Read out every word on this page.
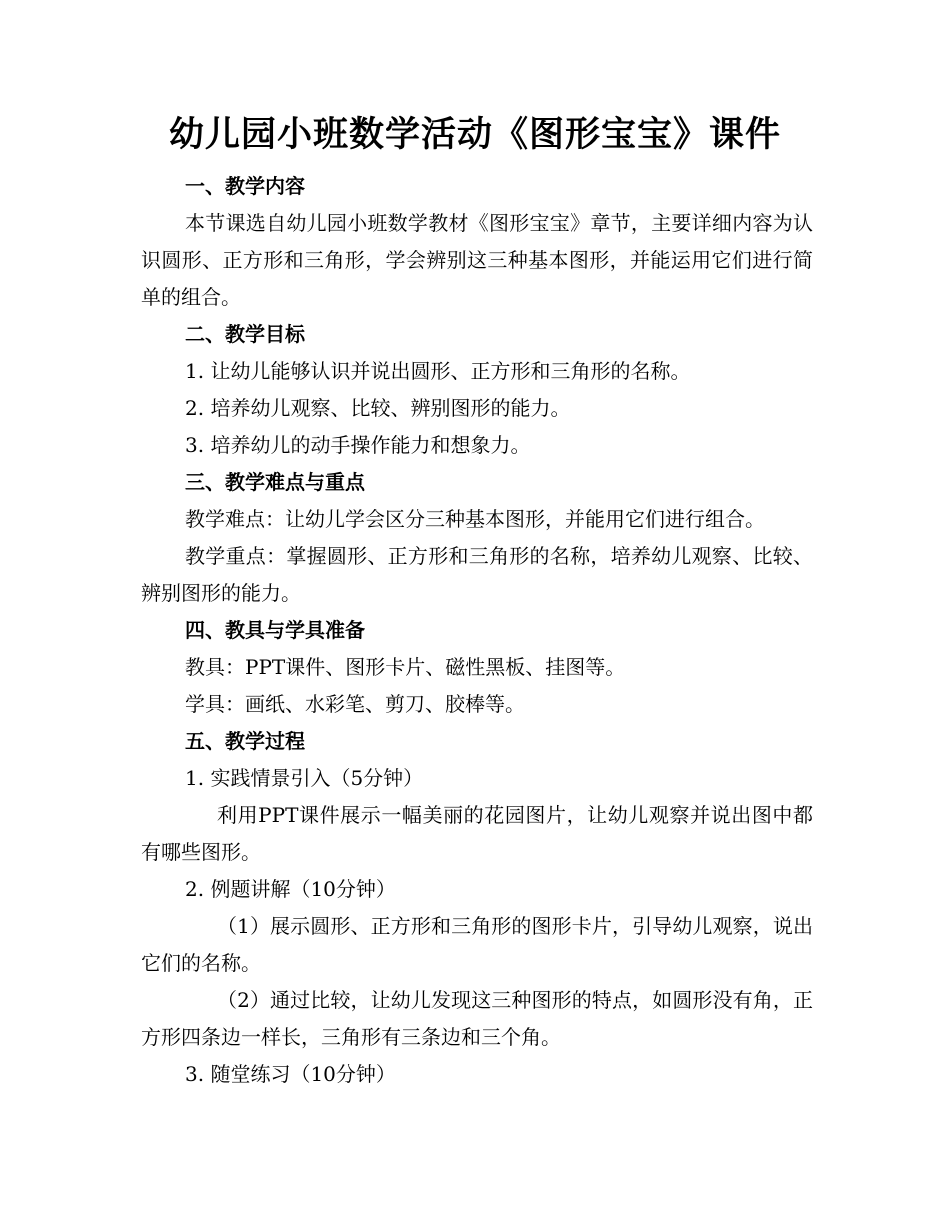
幼儿园小班数学活动《图形宝宝》课件

一、教学内容

本节课选自幼儿园小班数学教材《图形宝宝》章节，主要详细内容为认识圆形、正方形和三角形，学会辨别这三种基本图形，并能运用它们进行简单的组合。

二、教学目标

1. 让幼儿能够认识并说出圆形、正方形和三角形的名称。

2. 培养幼儿观察、比较、辨别图形的能力。

3. 培养幼儿的动手操作能力和想象力。

三、教学难点与重点

教学难点：让幼儿学会区分三种基本图形，并能用它们进行组合。

教学重点：掌握圆形、正方形和三角形的名称，培养幼儿观察、比较、辨别图形的能力。

四、教具与学具准备

教具：PPT课件、图形卡片、磁性黑板、挂图等。

学具：画纸、水彩笔、剪刀、胶棒等。

五、教学过程

1. 实践情景引入（5分钟）

利用PPT课件展示一幅美丽的花园图片，让幼儿观察并说出图中都有哪些图形。

2. 例题讲解（10分钟）

（1）展示圆形、正方形和三角形的图形卡片，引导幼儿观察，说出它们的名称。

（2）通过比较，让幼儿发现这三种图形的特点，如圆形没有角，正方形四条边一样长，三角形有三条边和三个角。

3. 随堂练习（10分钟）
